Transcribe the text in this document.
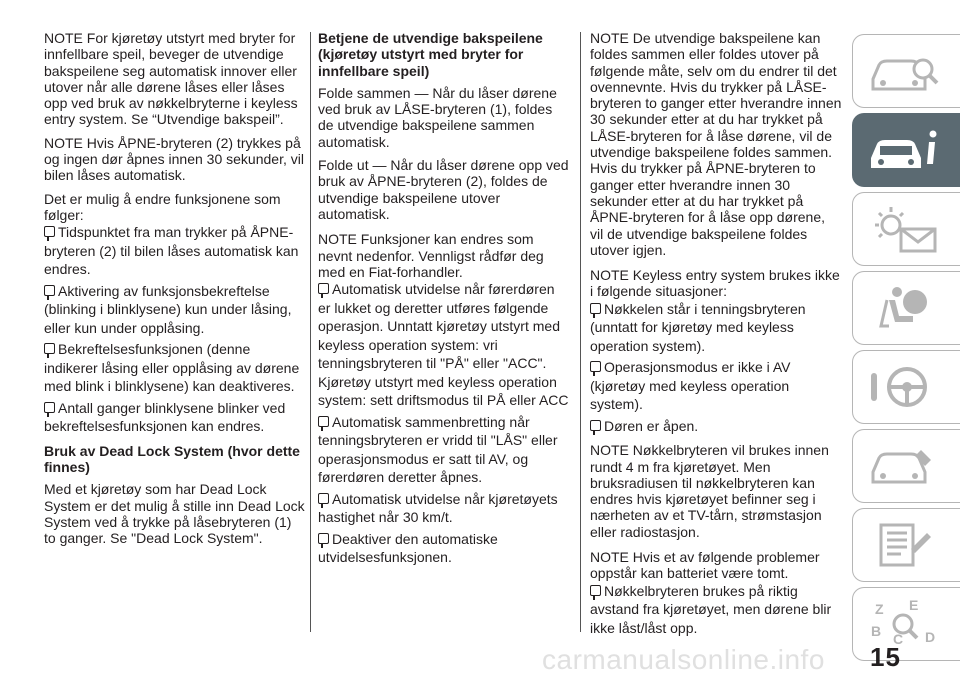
NOTE For kjøretøy utstyrt med bryter for innfellbare speil, beveger de utvendige bakspeilene seg automatisk innover eller utover når alle dørene låses eller låses opp ved bruk av nøkkelbryterne i keyless entry system. Se “Utvendige bakspeil”.

NOTE Hvis ÅPNE-bryteren (2) trykkes på og ingen dør åpnes innen 30 sekunder, vil bilen låses automatisk.

Det er mulig å endre funksjonene som følger:

Tidspunktet fra man trykker på ÅPNE-bryteren (2) til bilen låses automatisk kan endres.
Aktivering av funksjonsbekreftelse (blinking i blinklysene) kun under låsing, eller kun under opplåsing.
Bekreftelsesfunksjonen (denne indikerer låsing eller opplåsing av dørene med blink i blinklysene) kan deaktiveres.
Antall ganger blinklysene blinker ved bekreftelsesfunksjonen kan endres.

Bruk av Dead Lock System (hvor dette finnes)

Med et kjøretøy som har Dead Lock System er det mulig å stille inn Dead Lock System ved å trykke på låsebryteren (1) to ganger. Se "Dead Lock System".

Betjene de utvendige bakspeilene (kjøretøy utstyrt med bryter for innfellbare speil)

Folde sammen — Når du låser dørene ved bruk av LÅSE-bryteren (1), foldes de utvendige bakspeilene sammen automatisk.

Folde ut — Når du låser dørene opp ved bruk av ÅPNE-bryteren (2), foldes de utvendige bakspeilene utover automatisk.

NOTE Funksjoner kan endres som nevnt nedenfor. Vennligst rådfør deg med en Fiat-forhandler.

Automatisk utvidelse når førerdøren er lukket og deretter utføres følgende operasjon. Unntatt kjøretøy utstyrt med keyless operation system: vri tenningsbryteren til "PÅ" eller "ACC". Kjøretøy utstyrt med keyless operation system: sett driftsmodus til PÅ eller ACC
Automatisk sammenbretting når tenningsbryteren er vridd til "LÅS" eller operasjonsmodus er satt til AV, og førerdøren deretter åpnes.
Automatisk utvidelse når kjøretøyets hastighet når 30 km/t.
Deaktiver den automatiske utvidelsesfunksjonen.

NOTE De utvendige bakspeilene kan foldes sammen eller foldes utover på følgende måte, selv om du endrer til det ovennevnte. Hvis du trykker på LÅSE-bryteren to ganger etter hverandre innen 30 sekunder etter at du har trykket på LÅSE-bryteren for å låse dørene, vil de utvendige bakspeilene foldes sammen. Hvis du trykker på ÅPNE-bryteren to ganger etter hverandre innen 30 sekunder etter at du har trykket på ÅPNE-bryteren for å låse opp dørene, vil de utvendige bakspeilene foldes utover igjen.

NOTE Keyless entry system brukes ikke i følgende situasjoner:

Nøkkelen står i tenningsbryteren (unntatt for kjøretøy med keyless operation system).
Operasjonsmodus er ikke i AV (kjøretøy med keyless operation system).
Døren er åpen.

NOTE Nøkkelbryteren vil brukes innen rundt 4 m fra kjøretøyet. Men bruksradiusen til nøkkelbryteren kan endres hvis kjøretøyet befinner seg i nærheten av et TV-tårn, strømstasjon eller radiostasjon.

NOTE Hvis et av følgende problemer oppstår kan batteriet være tomt.

Nøkkelbryteren brukes på riktig avstand fra kjøretøyet, men dørene blir ikke låst/låst opp.
Z E
B C D
carmanualsonline.info 15
